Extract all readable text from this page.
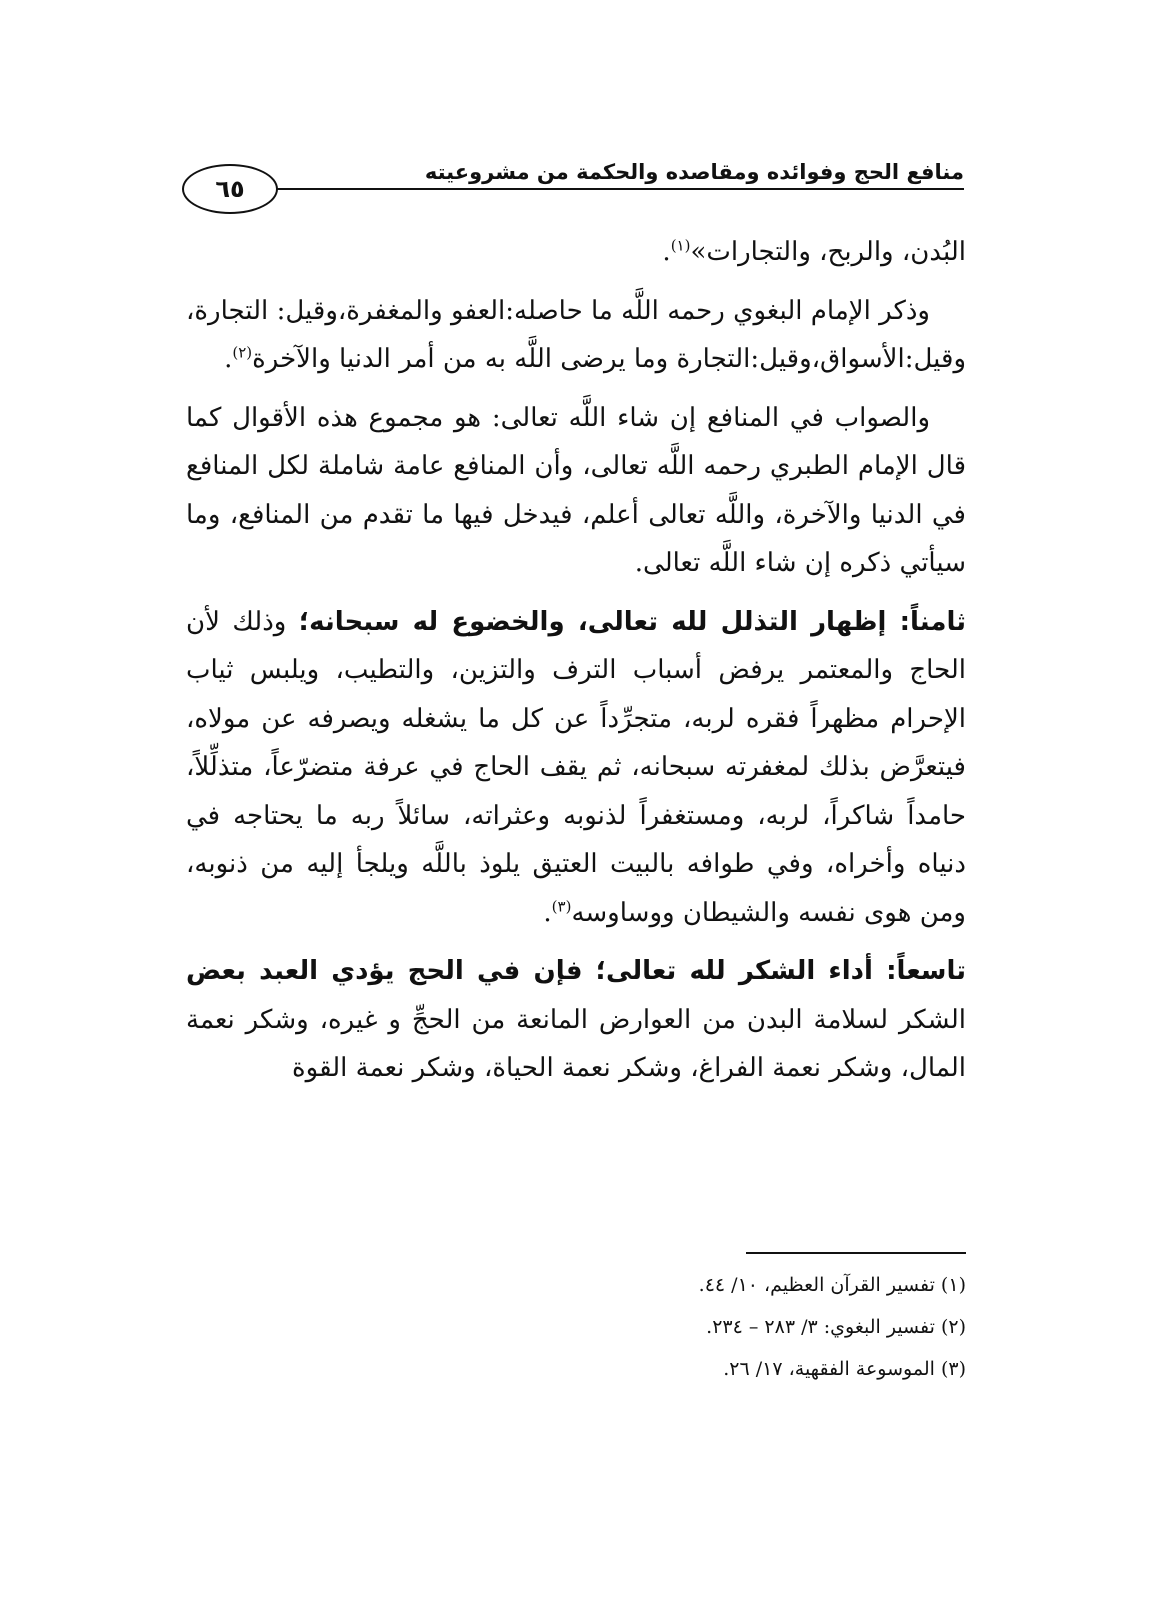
منافع الحج وفوائده ومقاصده والحكمة من مشروعيته
٦٥

البُدن، والربح، والتجارات»$^{(١)}$.

وذكر الإمام البغوي رحمه اللَّه ما حاصله:العفو والمغفرة،وقيل: التجارة، وقيل:الأسواق،وقيل:التجارة وما يرضى اللَّه به من أمر الدنيا والآخرة$^{(٢)}$.

والصواب في المنافع إن شاء اللَّه تعالى: هو مجموع هذه الأقوال كما قال الإمام الطبري رحمه اللَّه تعالى، وأن المنافع عامة شاملة لكل المنافع في الدنيا والآخرة، واللَّه تعالى أعلم، فيدخل فيها ما تقدم من المنافع، وما سيأتي ذكره إن شاء اللَّه تعالى.

ثامناً: إظهار التذلل لله تعالى، والخضوع له سبحانه؛ وذلك لأن الحاج والمعتمر يرفض أسباب الترف والتزين، والتطيب، ويلبس ثياب الإحرام مظهراً فقره لربه، متجرِّداً عن كل ما يشغله ويصرفه عن مولاه، فيتعرَّض بذلك لمغفرته سبحانه، ثم يقف الحاج في عرفة متضرّعاً، متذلِّلاً، حامداً شاكراً، لربه، ومستغفراً لذنوبه وعثراته، سائلاً ربه ما يحتاجه في دنياه وأخراه، وفي طوافه بالبيت العتيق يلوذ باللَّه ويلجأ إليه من ذنوبه، ومن هوى نفسه والشيطان ووساوسه$^{(٣)}$.

تاسعاً: أداء الشكر لله تعالى؛ فإن في الحج يؤدي العبد بعض الشكر لسلامة البدن من العوارض المانعة من الحجِّ و غيره، وشكر نعمة المال، وشكر نعمة الفراغ، وشكر نعمة الحياة، وشكر نعمة القوة

(١) تفسير القرآن العظيم، ١٠/ ٤٤.

(٢) تفسير البغوي: ٣/ ٢٨٣ – ٢٣٤.

(٣) الموسوعة الفقهية، ١٧/ ٢٦.
